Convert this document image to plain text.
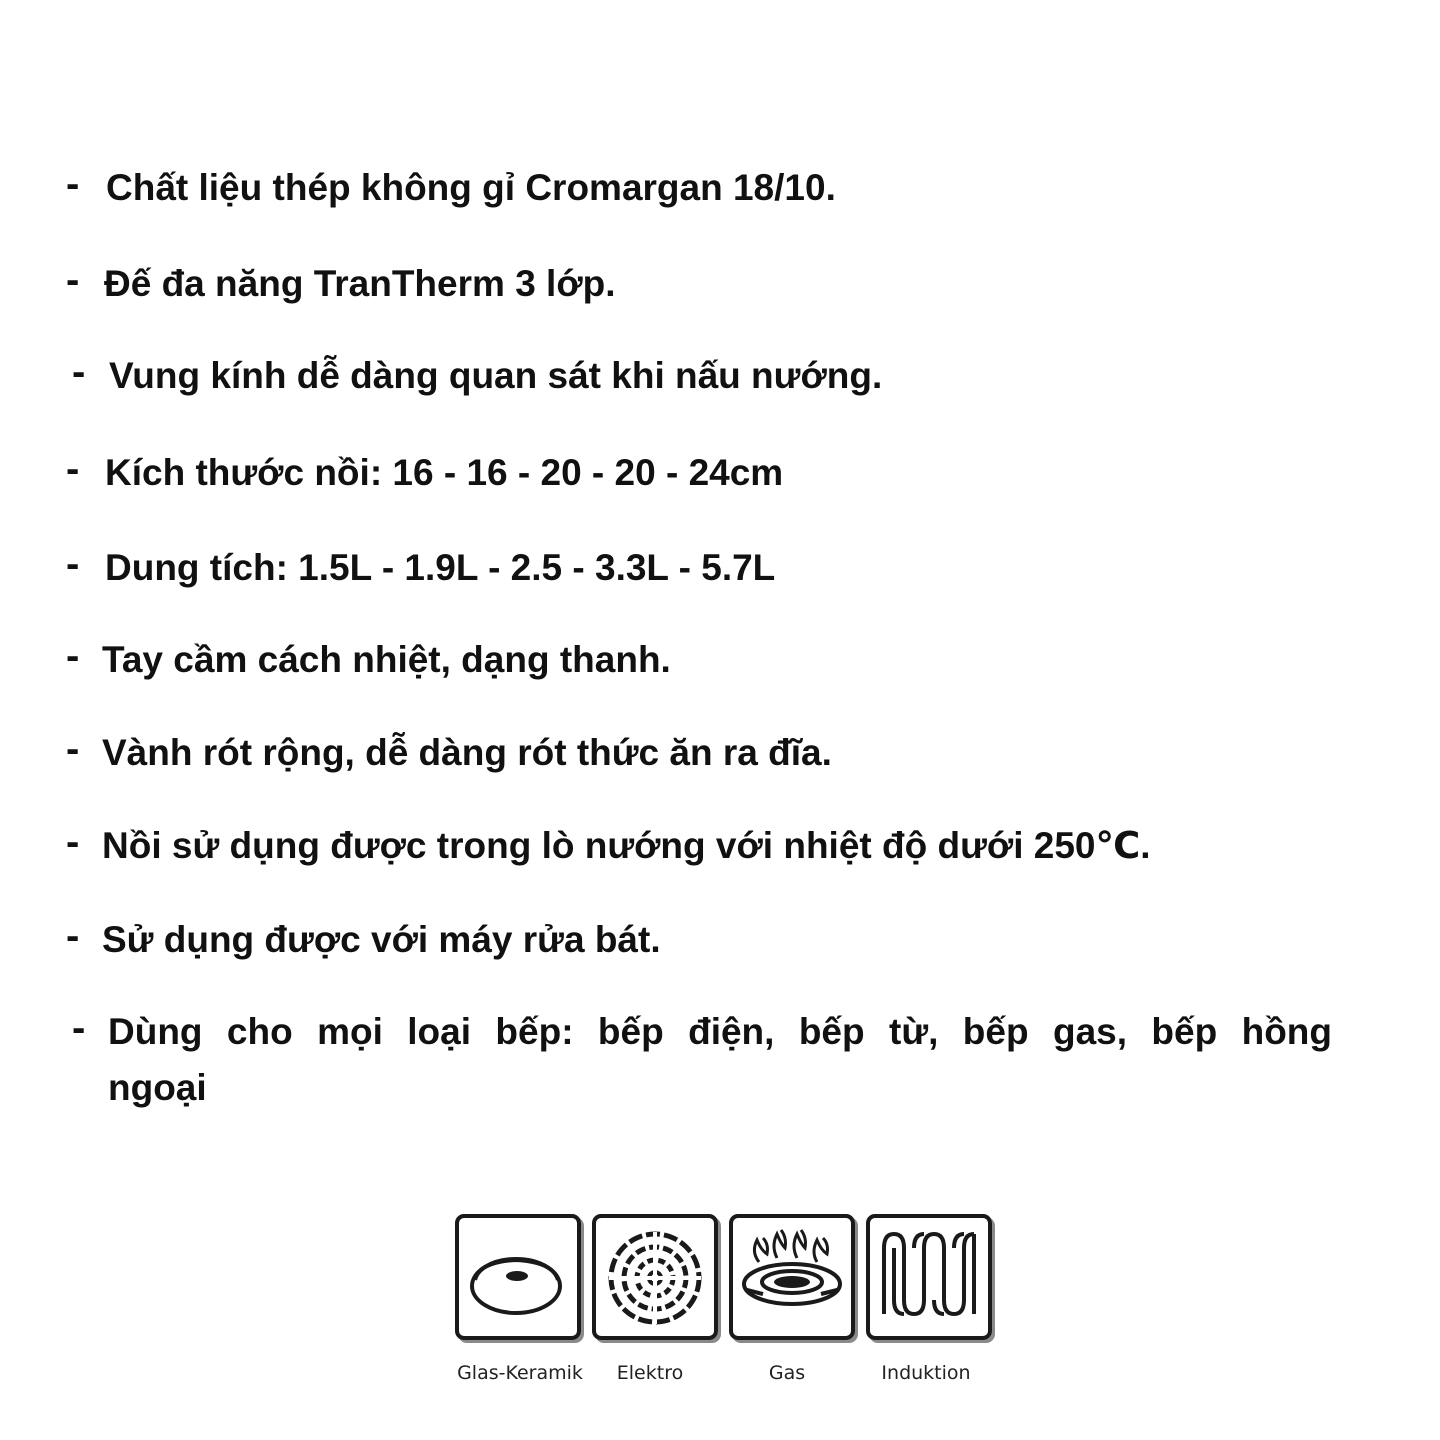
- Chất liệu thép không gỉ Cromargan 18/10.
- Đế đa năng TranTherm 3 lớp.
- Vung kính dễ dàng quan sát khi nấu nướng.
- Kích thước nồi: 16 - 16 - 20 - 20 - 24cm
- Dung tích: 1.5L - 1.9L - 2.5 - 3.3L - 5.7L
- Tay cầm cách nhiệt, dạng thanh.
- Vành rót rộng, dễ dàng rót thức ăn ra đĩa.
- Nồi sử dụng được trong lò nướng với nhiệt độ dưới 250℃.
- Sử dụng được với máy rửa bát.
- Dùng cho mọi loại bếp: bếp điện, bếp từ, bếp gas, bếp hồng ngoại
Glas-Keramik	Elektro	Gas	Induktion
